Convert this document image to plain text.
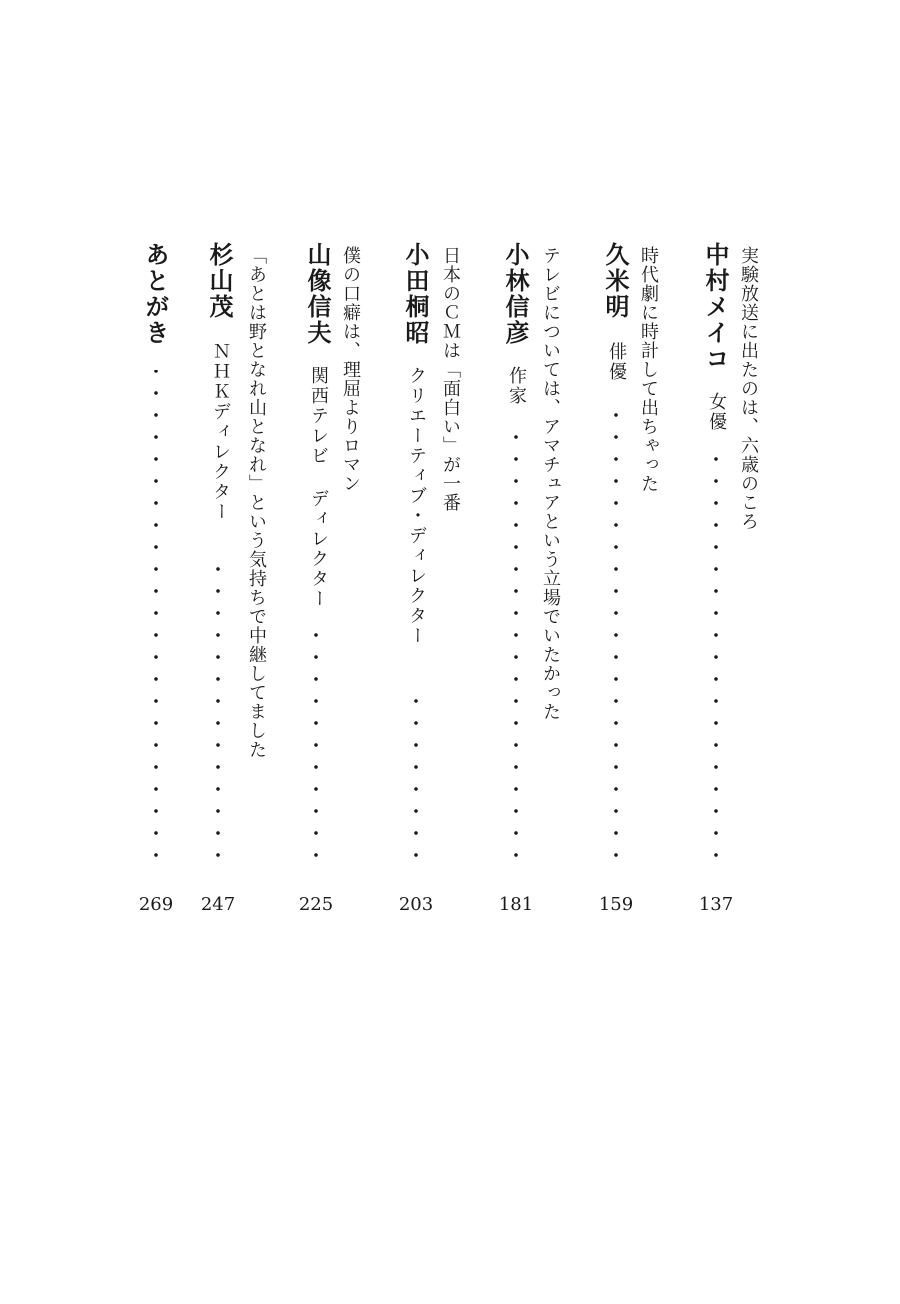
実験放送に出たのは、六歳のころ
中村メイコ
女優
137
時代劇に時計して出ちゃった
久米明
俳優
159
テレビについては、アマチュアという立場でいたかった
小林信彦
作家
181
日本のＣＭは「面白い」が一番
小田桐昭
クリエーティブ・ディレクター
203
僕の口癖は、理屈よりロマン
山像信夫
関西テレビ ディレクター
225
「あとは野となれ山となれ」という気持ちで中継してました
杉山茂
ＮＨＫディレクター
247
あとがき
269
